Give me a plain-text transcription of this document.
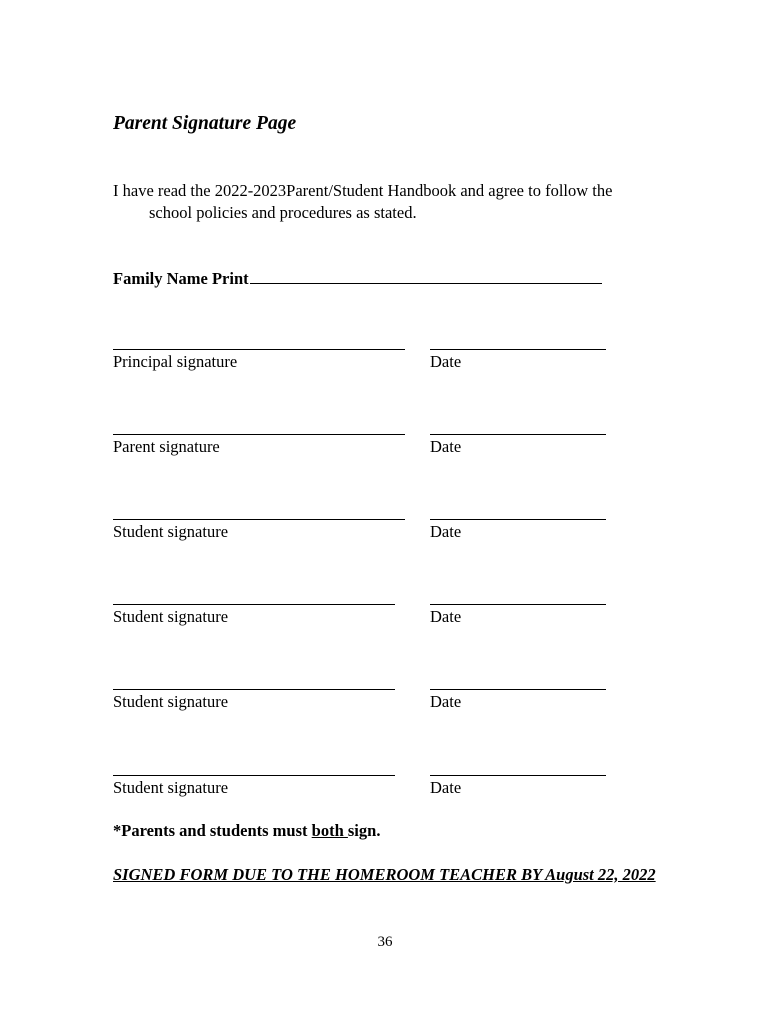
Parent Signature Page
I have read the 2022-2023Parent/Student Handbook and agree to follow the
school policies and procedures as stated.
Family Name Print
Principal signature	Date
Parent signature	Date
Student signature	Date
Student signature	Date
Student signature	Date
Student signature	Date
*Parents and students must both sign.
SIGNED FORM DUE TO THE HOMEROOM TEACHER BY August 22, 2022
36
